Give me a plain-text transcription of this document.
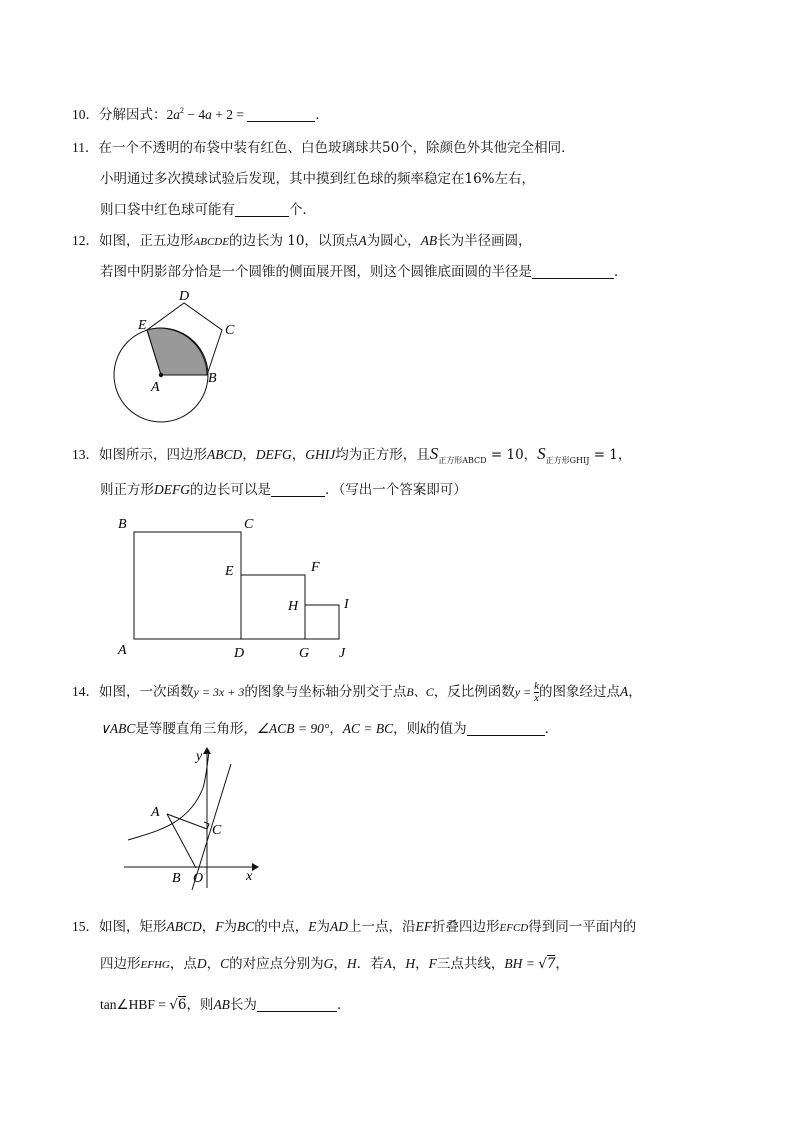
10．分解因式：$2a^2 - 4a + 2$ =	．
11．在一个不透明的布袋中装有红色、白色玻璃球共50个，除颜色外其他完全相同．
小明通过多次摸球试验后发现，其中摸到红色球的频率稳定在16%左右，
则口袋中红色球可能有	个．
12．如图，正五边形ABCDE的边长为 10，以顶点A为圆心，AB长为半径画圆，
若图中阴影部分恰是一个圆锥的侧面展开图，则这个圆锥底面圆的半径是	．
A
B
C
D
E
13．如图所示，四边形ABCD，DEFG，GHIJ均为正方形，且$S_{正方形ABCD} = 10$，$S_{正方形GHIJ} = 1$，
则正方形DEFG的边长可以是	．（写出一个答案即可）
B	C
E	F
H	I
A	D	G J
14．如图，一次函数y = 3x + 3的图象与坐标轴分别交于点B、C，反比例函数$y = \frac{k}{x}$ 的图象经过点A，
∨ABC是等腰直角三角形，∠ACB = 90°，AC = BC，则k的值为	．
y
x
A
C
B O
15．如图，矩形ABCD，F为BC的中点，E为AD上一点，沿EF折叠四边形EFCD得到同一平面内的
四边形EFHG，点D，C的对应点分别为G，H．若A，H，F三点共线，BH = √7，
tan∠HBF = √6，则AB长为	．
